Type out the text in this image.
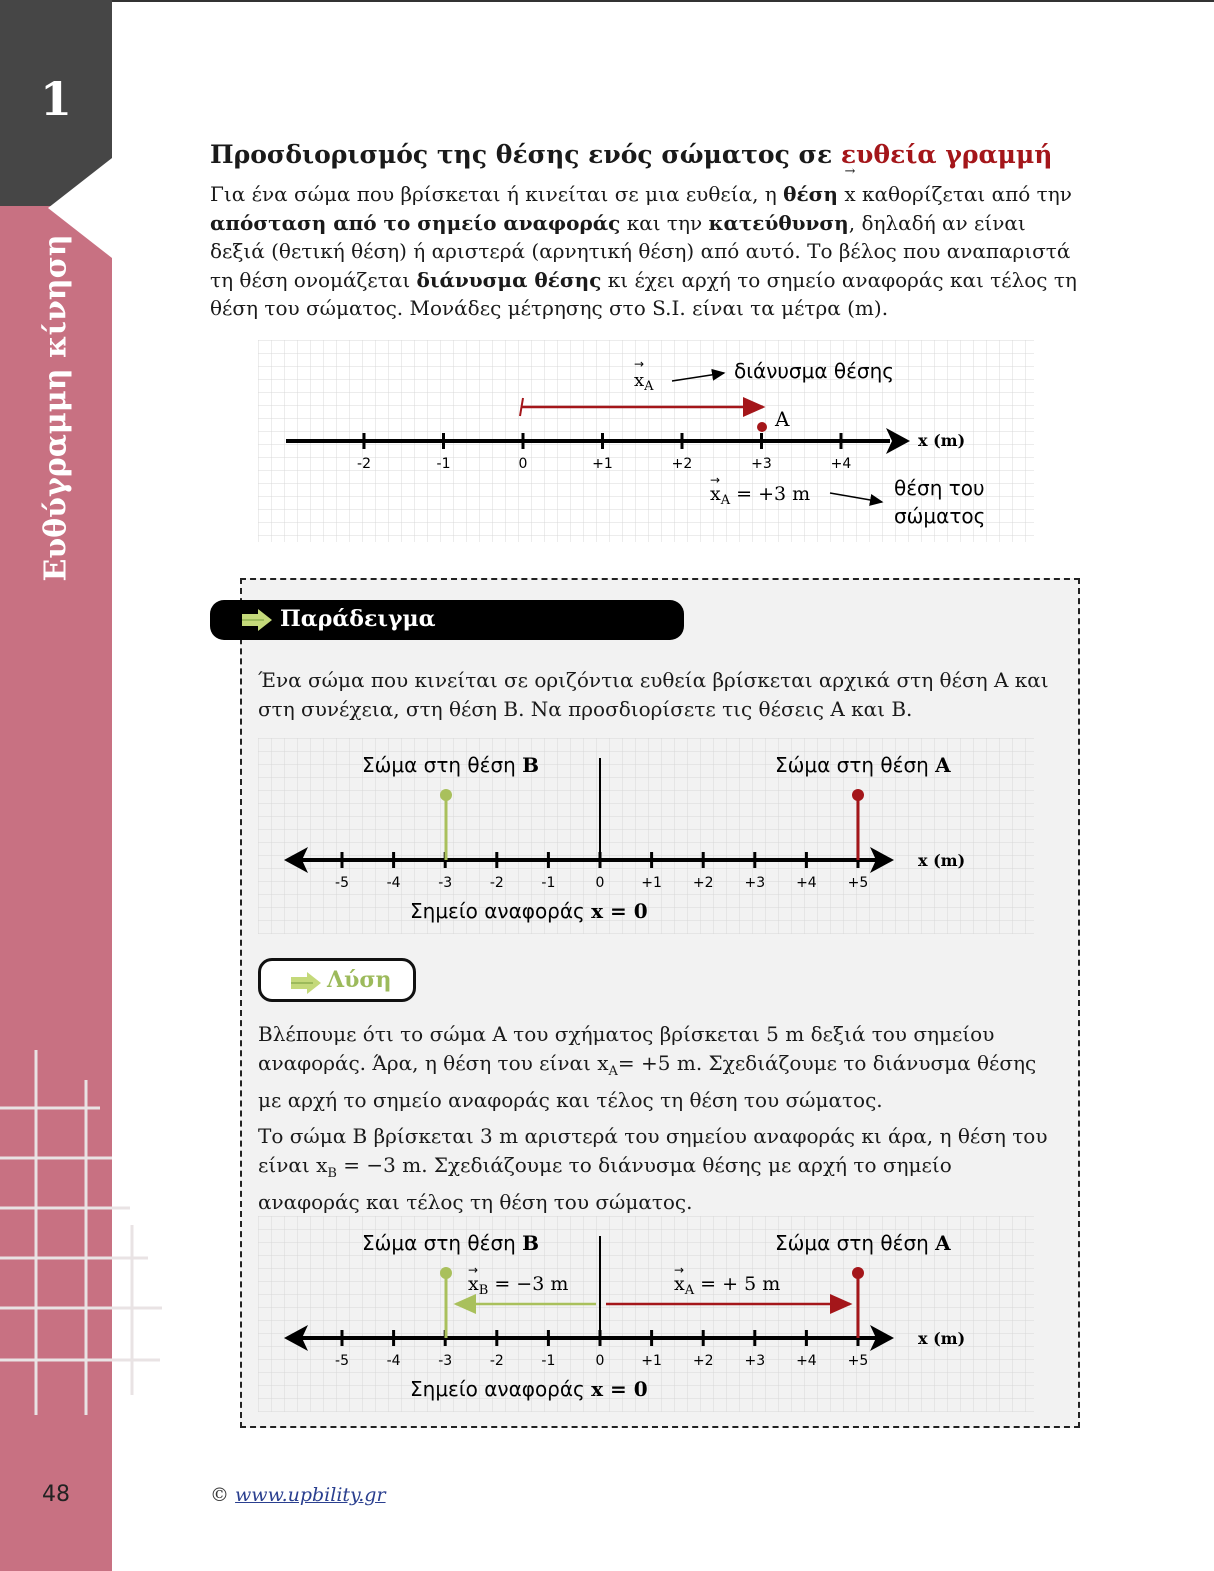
1
Ευθύγραμμη κίνηση
48
Προσδιορισμός της θέσης ενός σώματος σε ευθεία γραμμή
Για ένα σώμα που βρίσκεται ή κινείται σε μια ευθεία, η θέση → x καθορίζεται από την απόσταση από το σημείο αναφοράς και την κατεύθυνση, δηλαδή αν είναι δεξιά (θετική θέση) ή αριστερά (αρνητική θέση) από αυτό. Το βέλος που αναπαριστά τη θέση ονομάζεται διάνυσμα θέσης κι έχει αρχή το σημείο αναφοράς και τέλος τη θέση του σώματος. Μονάδες μέτρησης στο S.I. είναι τα μέτρα (m).
-2	-1	0	+1	+2	+3	+4
x (m)
A
$x_A$
→	διάνυσμα θέσης
$x_A = +3$ m
→	θέση του
σώματος
Παράδειγμα
Ένα σώμα που κινείται σε οριζόντια ευθεία βρίσκεται αρχικά στη θέση Α και στη συνέχεια, στη θέση Β. Να προσδιορίσετε τις θέσεις Α και Β.
-5	-4	-3	-2	-1	0	+1 +2 +3 +4 +5
x (m)
Σώμα στη θέση B	Σώμα στη θέση A
Σημείο αναφοράς x = 0
Λύση

Βλέπουμε ότι το σώμα Α του σχήματος βρίσκεται 5 m δεξιά του σημείου αναφοράς. Άρα, η θέση του είναι $x_A= +5$ m. Σχεδιάζουμε το διάνυσμα θέσης με αρχή το σημείο αναφοράς και τέλος τη θέση του σώματος.

Το σώμα Β βρίσκεται 3 m αριστερά του σημείου αναφοράς κι άρα, η θέση του είναι $x_B = -3$ m. Σχεδιάζουμε το διάνυσμα θέσης με αρχή το σημείο αναφοράς και τέλος τη θέση του σώματος.

-5	-4	-3	-2	-1	0	+1 +2 +3 +4 +5
x (m)
Σώμα στη θέση B	Σώμα στη θέση A
$x_B = -3$ m
→
$x_A$ = + 5 m
→
Σημείο αναφοράς x = 0
© www.upbility.gr
